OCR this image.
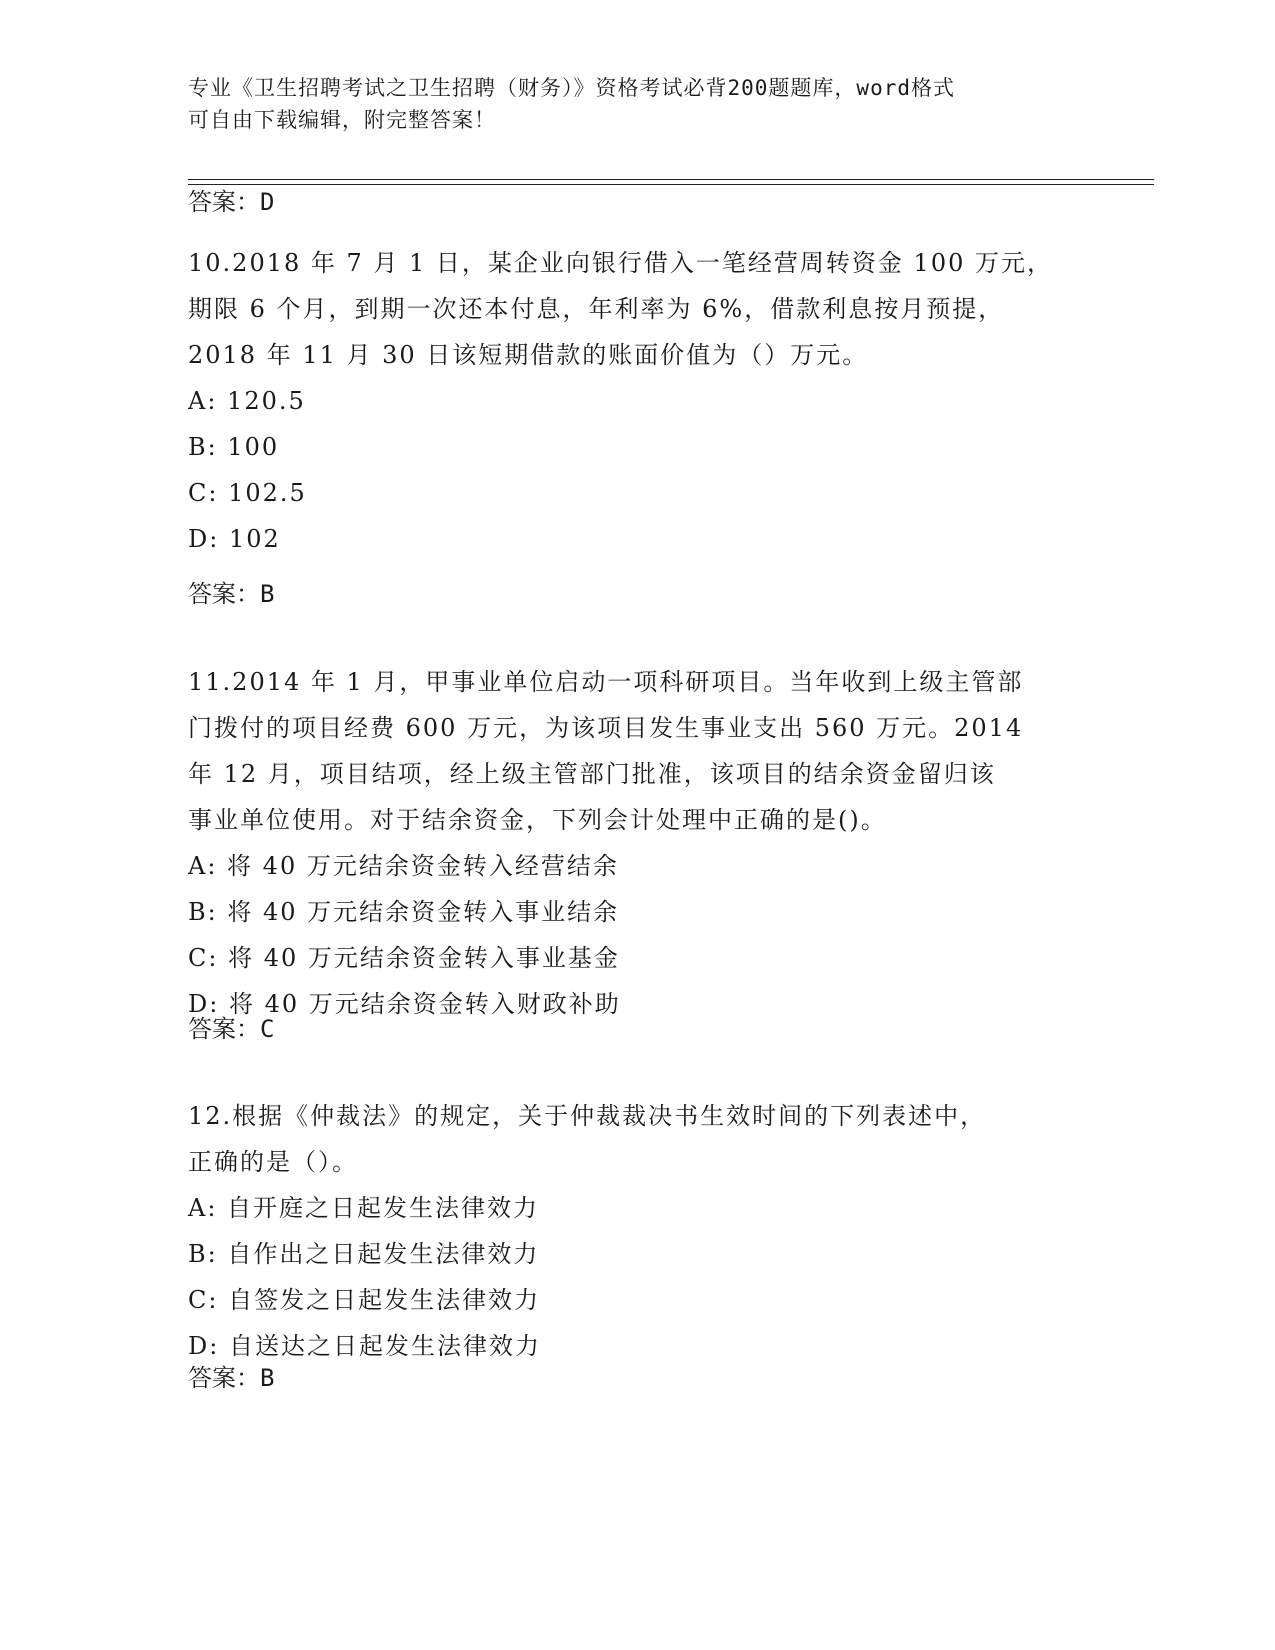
专业《卫生招聘考试之卫生招聘（财务）》资格考试必背200题题库，word格式
可自由下载编辑，附完整答案！
答案：D
10.2018 年 7 月 1 日，某企业向银行借入一笔经营周转资金 100 万元，
期限 6 个月，到期一次还本付息，年利率为 6%，借款利息按月预提，
2018 年 11 月 30 日该短期借款的账面价值为（）万元。
A: 120.5
B: 100
C: 102.5
D: 102
答案：B
11.2014 年 1 月，甲事业单位启动一项科研项目。当年收到上级主管部
门拨付的项目经费 600 万元，为该项目发生事业支出 560 万元。2014
年 12 月，项目结项，经上级主管部门批准，该项目的结余资金留归该
事业单位使用。对于结余资金，下列会计处理中正确的是()。
A: 将 40 万元结余资金转入经营结余
B: 将 40 万元结余资金转入事业结余
C: 将 40 万元结余资金转入事业基金
D: 将 40 万元结余资金转入财政补助
答案：C
12.根据《仲裁法》的规定，关于仲裁裁决书生效时间的下列表述中，
正确的是（）。
A: 自开庭之日起发生法律效力
B: 自作出之日起发生法律效力
C: 自签发之日起发生法律效力
D: 自送达之日起发生法律效力
答案：B
